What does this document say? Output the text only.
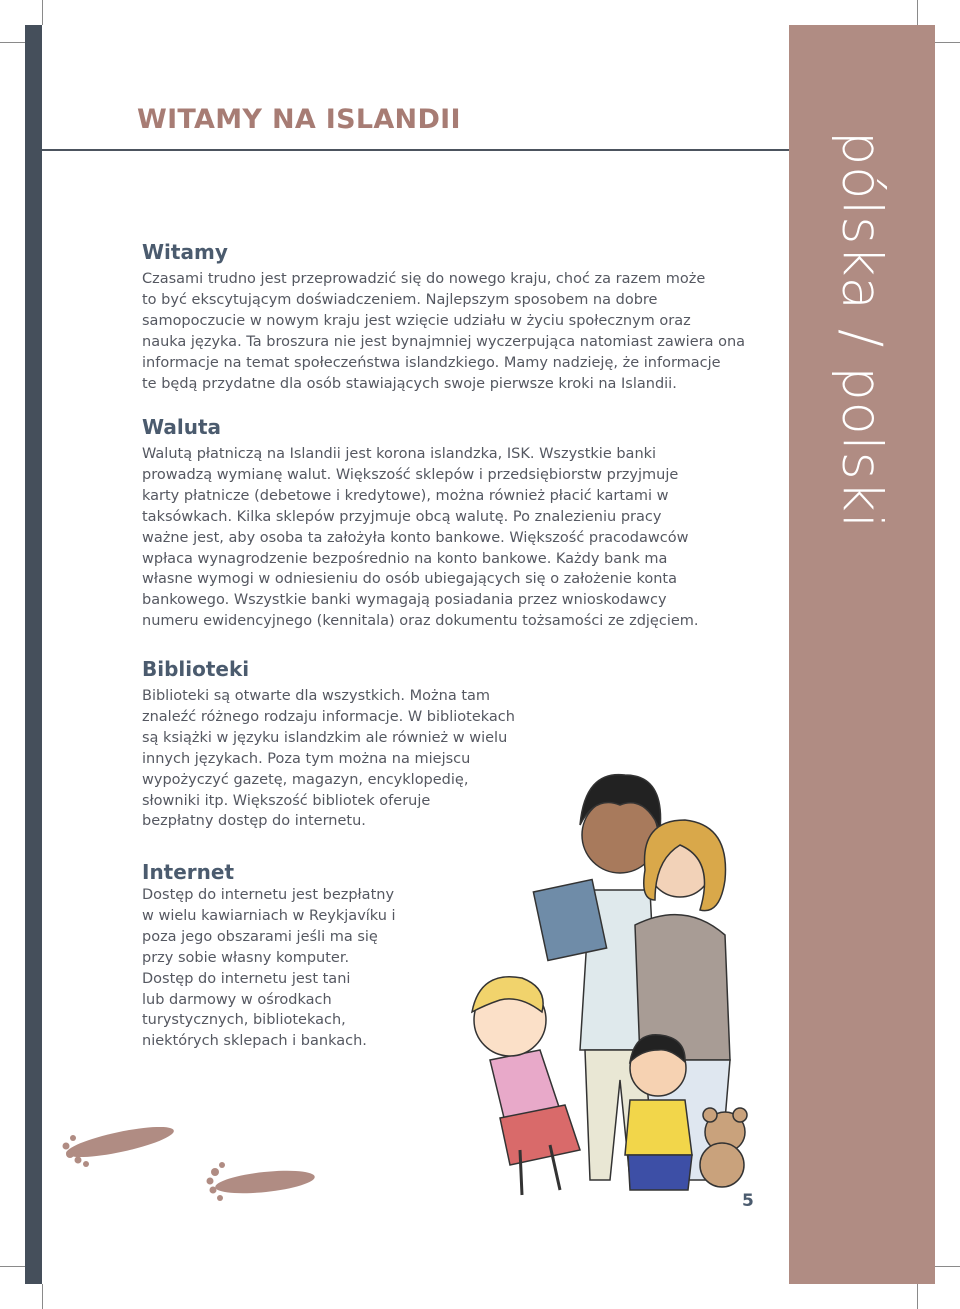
pólska / polski
WITAMY NA ISLANDII
Witamy

Czasami trudno jest przeprowadzić się do nowego kraju, choć za razem może
to być ekscytującym doświadczeniem. Najlepszym sposobem na dobre
samopoczucie w nowym kraju jest wzięcie udziału w życiu społecznym oraz
nauka języka. Ta broszura nie jest bynajmniej wyczerpująca natomiast zawiera ona
informacje na temat społeczeństwa islandzkiego. Mamy nadzieję, że informacje
te będą przydatne dla osób stawiających swoje pierwsze kroki na Islandii.

Waluta

Walutą płatniczą na Islandii jest korona islandzka, ISK. Wszystkie banki
prowadzą wymianę walut. Większość sklepów i przedsiębiorstw przyjmuje
karty płatnicze (debetowe i kredytowe), można również płacić kartami w
taksówkach. Kilka sklepów przyjmuje obcą walutę. Po znalezieniu pracy
ważne jest, aby osoba ta założyła konto bankowe. Większość pracodawców
wpłaca wynagrodzenie bezpośrednio na konto bankowe. Każdy bank ma
własne wymogi w odniesieniu do osób ubiegających się o założenie konta
bankowego. Wszystkie banki wymagają posiadania przez wnioskodawcy
numeru ewidencyjnego (kennitala) oraz dokumentu tożsamości ze zdjęciem.

Biblioteki

Biblioteki są otwarte dla wszystkich. Można tam
znaleźć różnego rodzaju informacje. W bibliotekach
są książki w języku islandzkim ale również w wielu
innych językach. Poza tym można na miejscu
wypożyczyć gazetę, magazyn, encyklopedię,
słowniki itp. Większość bibliotek oferuje
bezpłatny dostęp do internetu.

Internet

Dostęp do internetu jest bezpłatny
w wielu kawiarniach w Reykjavíku i
poza jego obszarami jeśli ma się
przy sobie własny komputer.
Dostęp do internetu jest tani
lub darmowy w ośrodkach
turystycznych, bibliotekach,
niektórych sklepach i bankach.

5
